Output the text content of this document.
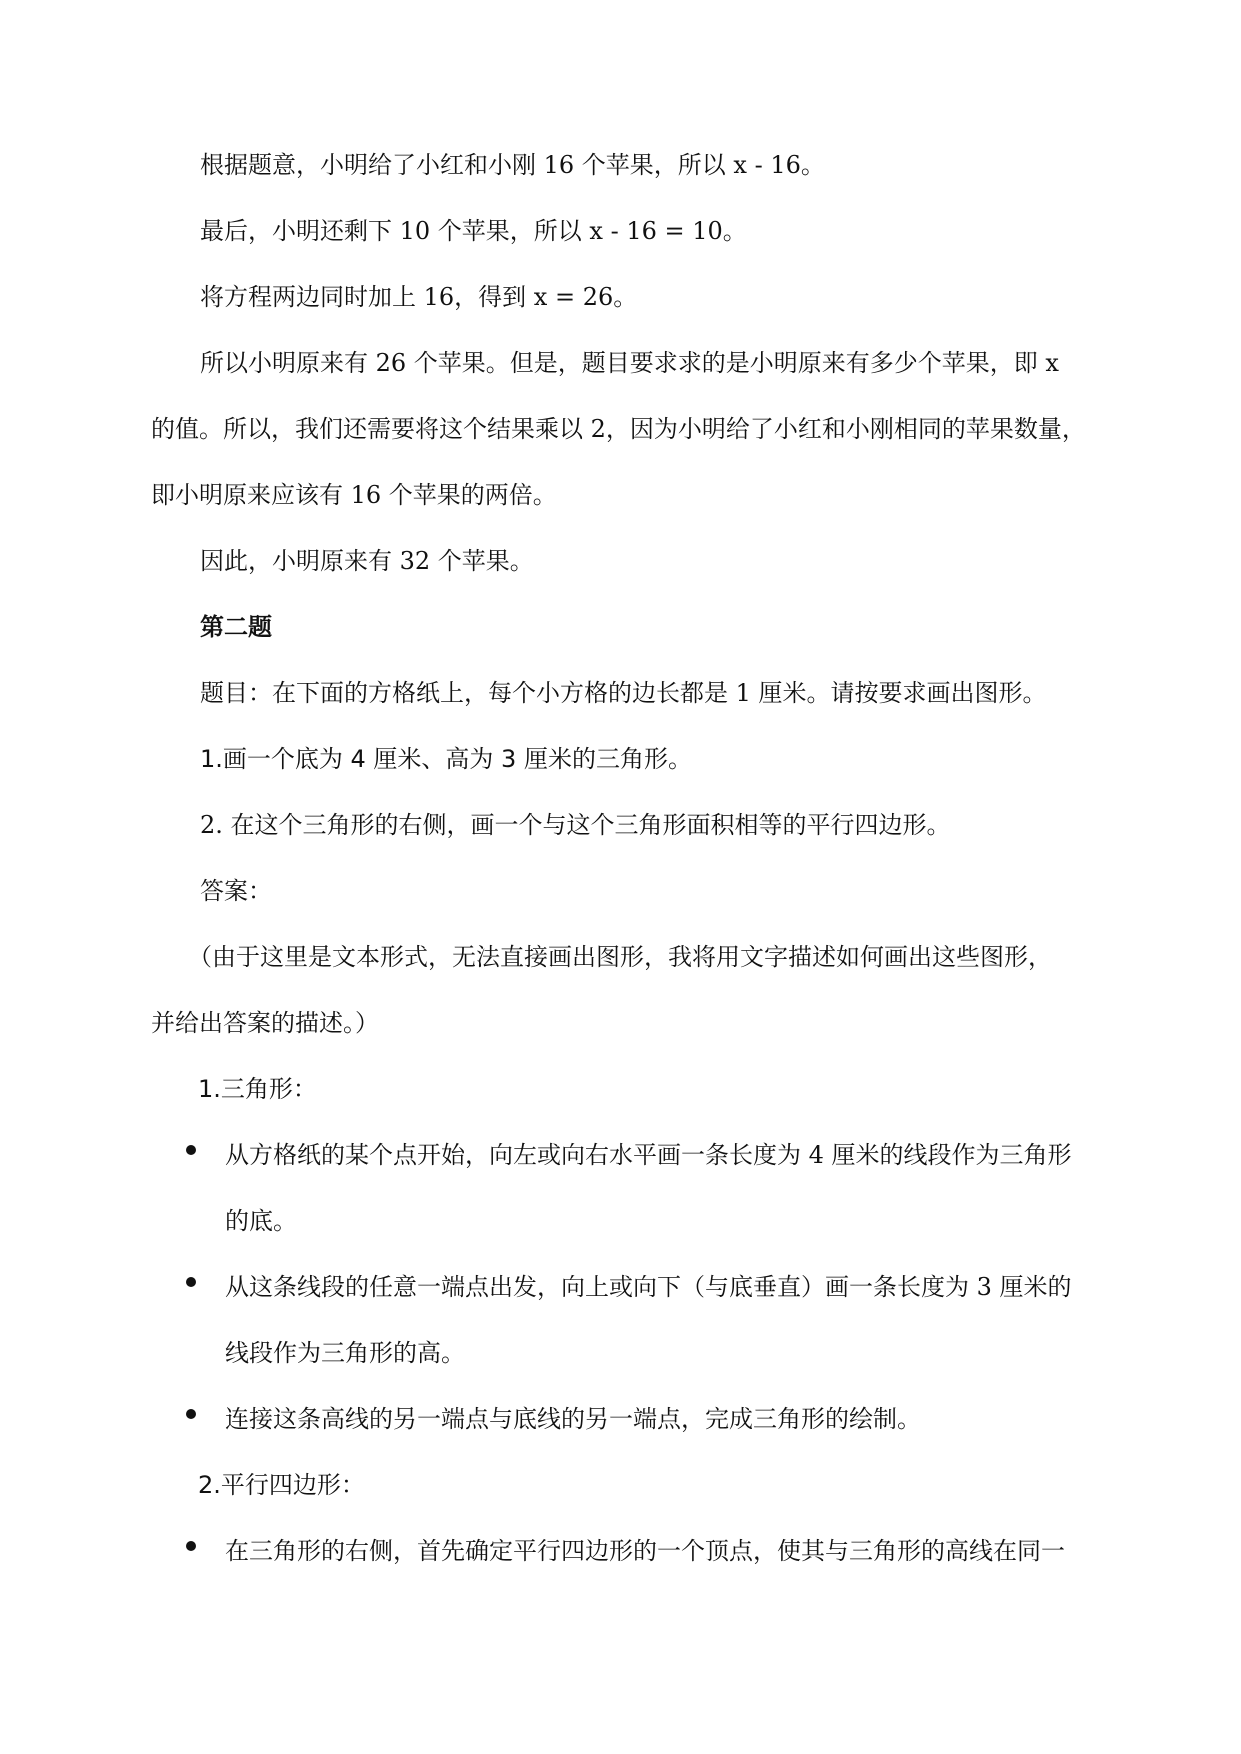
根据题意，小明给了小红和小刚 16 个苹果，所以 x - 16。
最后，小明还剩下 10 个苹果，所以 x - 16 = 10。
将方程两边同时加上 16，得到 x = 26。
所以小明原来有 26 个苹果。但是，题目要求求的是小明原来有多少个苹果，即 x
的值。所以，我们还需要将这个结果乘以 2，因为小明给了小红和小刚相同的苹果数量，
即小明原来应该有 16 个苹果的两倍。
因此，小明原来有 32 个苹果。
第二题
题目：在下面的方格纸上，每个小方格的边长都是 1 厘米。请按要求画出图形。
1.画一个底为 4 厘米、高为 3 厘米的三角形。
2. 在这个三角形的右侧，画一个与这个三角形面积相等的平行四边形。
答案：
（由于这里是文本形式，无法直接画出图形，我将用文字描述如何画出这些图形，
并给出答案的描述。）
1.三角形：
从方格纸的某个点开始，向左或向右水平画一条长度为 4 厘米的线段作为三角形
的底。
从这条线段的任意一端点出发，向上或向下（与底垂直）画一条长度为 3 厘米的
线段作为三角形的高。
连接这条高线的另一端点与底线的另一端点，完成三角形的绘制。
2.平行四边形：
在三角形的右侧，首先确定平行四边形的一个顶点，使其与三角形的高线在同一
